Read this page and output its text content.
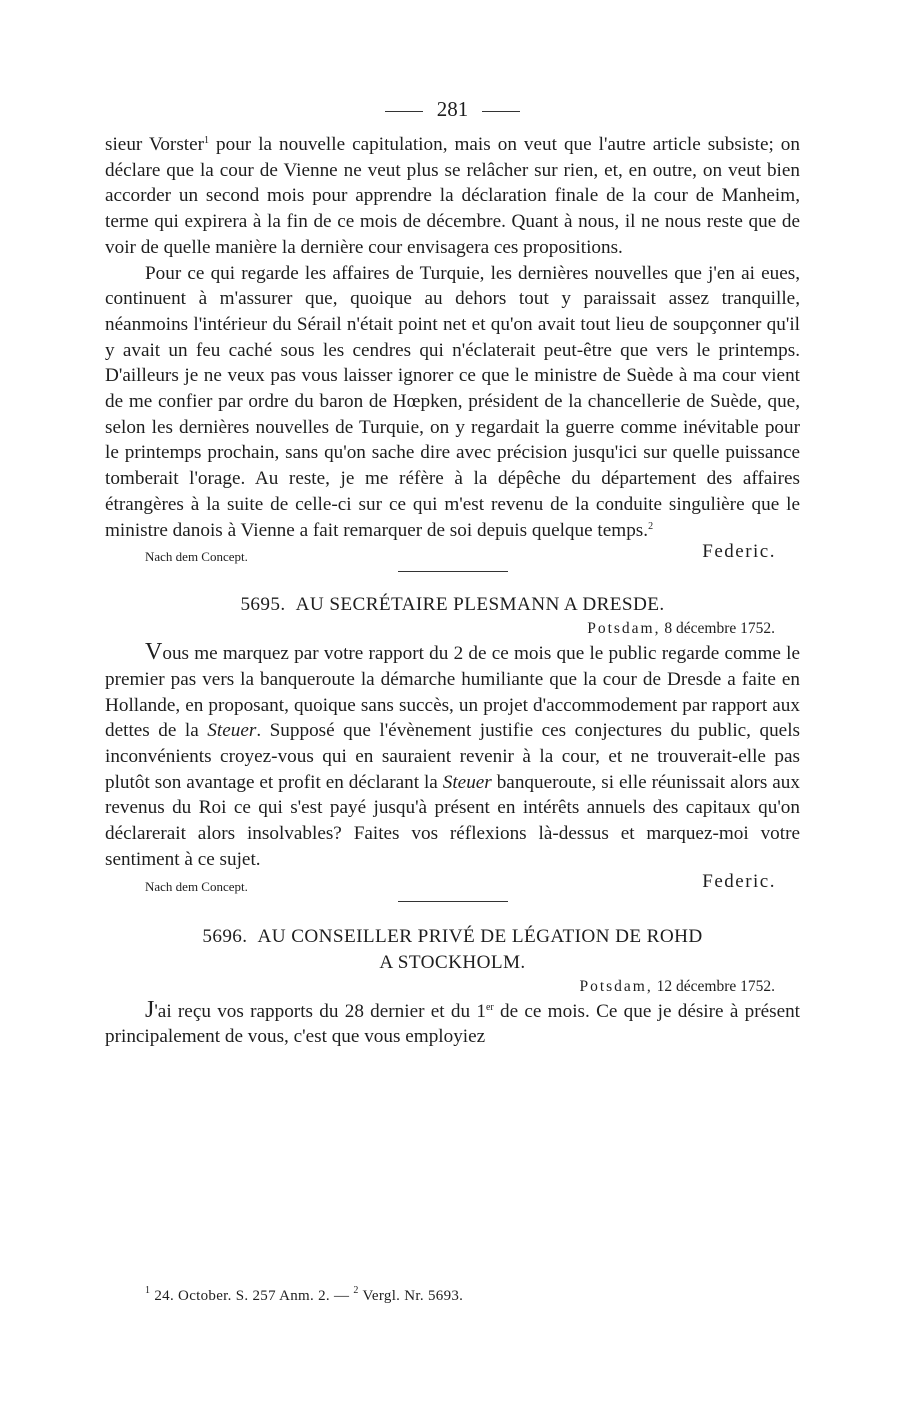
281

sieur Vorster$^1$ pour la nouvelle capitulation, mais on veut que l'autre article subsiste; on déclare que la cour de Vienne ne veut plus se relâcher sur rien, et, en outre, on veut bien accorder un second mois pour apprendre la déclaration finale de la cour de Manheim, terme qui expirera à la fin de ce mois de décembre. Quant à nous, il ne nous reste que de voir de quelle manière la dernière cour envisagera ces propositions.

Pour ce qui regarde les affaires de Turquie, les dernières nouvelles que j'en ai eues, continuent à m'assurer que, quoique au dehors tout y paraissait assez tranquille, néanmoins l'intérieur du Sérail n'était point net et qu'on avait tout lieu de soupçonner qu'il y avait un feu caché sous les cendres qui n'éclaterait peut-être que vers le printemps. D'ailleurs je ne veux pas vous laisser ignorer ce que le ministre de Suède à ma cour vient de me confier par ordre du baron de Hœpken, président de la chancellerie de Suède, que, selon les dernières nouvelles de Turquie, on y regardait la guerre comme inévitable pour le printemps prochain, sans qu'on sache dire avec précision jusqu'ici sur quelle puissance tomberait l'orage. Au reste, je me réfère à la dépêche du département des affaires étrangères à la suite de celle-ci sur ce qui m'est revenu de la conduite singulière que le ministre danois à Vienne a fait remarquer de soi depuis quelque temps.$^2$

Nach dem Concept.	Federic.
5695. AU SECRÉTAIRE PLESMANN A DRESDE.
Potsdam, 8 décembre 1752.

Vous me marquez par votre rapport du 2 de ce mois que le public regarde comme le premier pas vers la banqueroute la démarche humiliante que la cour de Dresde a faite en Hollande, en proposant, quoique sans succès, un projet d'accommodement par rapport aux dettes de la Steuer. Supposé que l'évènement justifie ces conjectures du public, quels inconvénients croyez-vous qui en sauraient revenir à la cour, et ne trouverait-elle pas plutôt son avantage et profit en déclarant la Steuer banqueroute, si elle réunissait alors aux revenus du Roi ce qui s'est payé jusqu'à présent en intérêts annuels des capitaux qu'on déclarerait alors insolvables? Faites vos réflexions là-dessus et marquez-moi votre sentiment à ce sujet.

Nach dem Concept.	Federic.
5696. AU CONSEILLER PRIVÉ DE LÉGATION DE ROHD
A STOCKHOLM.
Potsdam, 12 décembre 1752.

J'ai reçu vos rapports du 28 dernier et du 1er de ce mois. Ce que je désire à présent principalement de vous, c'est que vous employiez

$^1$ 24. October. S. 257 Anm. 2. — $^2$ Vergl. Nr. 5693.
